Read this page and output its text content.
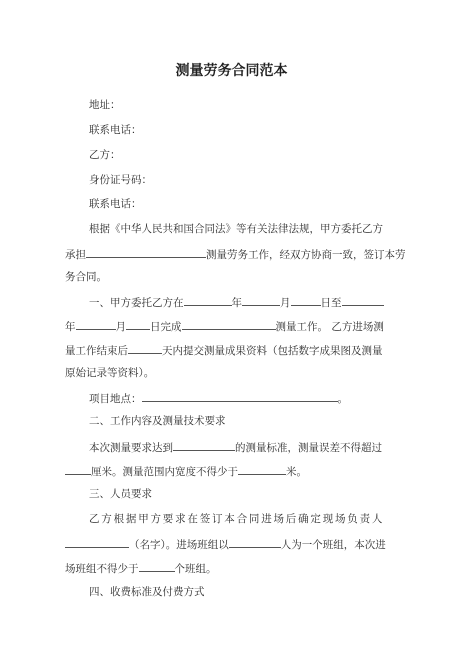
测量劳务合同范本
地址：
联系电话：
乙方：
身份证号码：
联系电话：
根据《中华人民共和国合同法》等有关法律法规，甲方委托乙方
承担	测量劳务工作，经双方协商一致，签订本劳
务合同。
一、甲方委托乙方在	年	月	日至
年	月 日完成	测量工作。 乙方进场测
量工作结束后	天内提交测量成果资料（包括数字成果图及测量
原始记录等资料）。
项目地点：	。
二、工作内容及测量技术要求
本次测量要求达到	的测量标准，测量误差不得超过
厘米。测量范围内宽度不得少于	米。
三、人员要求
乙方根据甲方要求在签订本合同进场后确定现场负责人
（名字）。进场班组以	人为一个班组，本次进
场班组不得少于	个班组。
四、收费标准及付费方式
